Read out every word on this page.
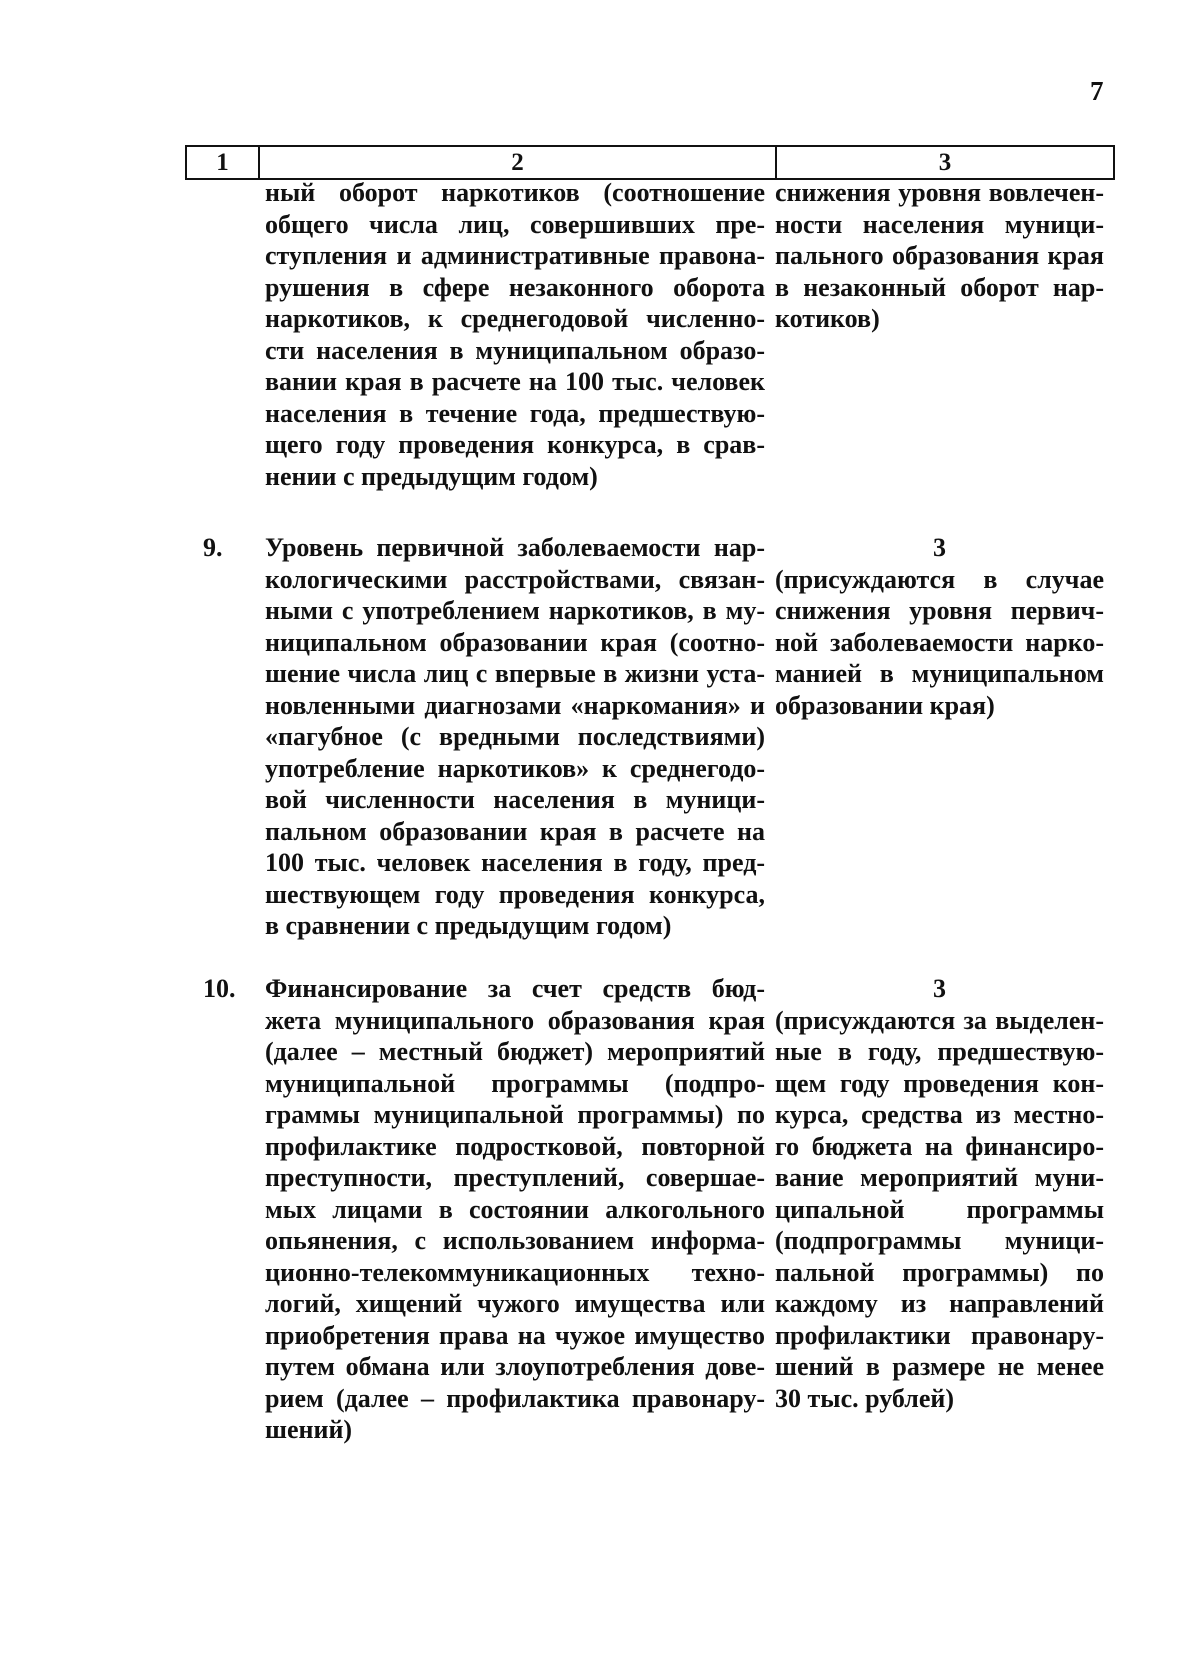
7
1	2	3
ный оборот наркотиков (соотношение
общего числа лиц, совершивших пре-
ступления и административные правона-
рушения в сфере незаконного оборота
наркотиков, к среднегодовой численно-
сти населения в муниципальном образо-
вании края в расчете на 100 тыс. человек
населения в течение года, предшествую-
щего году проведения конкурса, в срав-
нении с предыдущим годом)
снижения уровня вовлечен-
ности населения муници-
пального образования края
в незаконный оборот нар-
котиков)
9. Уровень первичной заболеваемости нар-
кологическими расстройствами, связан-
ными с употреблением наркотиков, в му-
ниципальном образовании края (соотно-
шение числа лиц с впервые в жизни уста-
новленными диагнозами «наркомания» и
«пагубное (с вредными последствиями)
употребление наркотиков» к среднегодо-
вой численности населения в муници-
пальном образовании края в расчете на
100 тыс. человек населения в году, пред-
шествующем году проведения конкурса,
в сравнении с предыдущим годом)
3
(присуждаются в случае
снижения уровня первич-
ной заболеваемости нарко-
манией в муниципальном
образовании края)
10. Финансирование за счет средств бюд-
жета муниципального образования края
(далее – местный бюджет) мероприятий
муниципальной программы (подпро-
граммы муниципальной программы) по
профилактике подростковой, повторной
преступности, преступлений, совершае-
мых лицами в состоянии алкогольного
опьянения, с использованием информа-
ционно-телекоммуникационных техно-
логий, хищений чужого имущества или
приобретения права на чужое имущество
путем обмана или злоупотребления дове-
рием (далее – профилактика правонару-
шений)
3
(присуждаются за выделен-
ные в году, предшествую-
щем году проведения кон-
курса, средства из местно-
го бюджета на финансиро-
вание мероприятий муни-
ципальной программы
(подпрограммы муници-
пальной программы) по
каждому из направлений
профилактики правонару-
шений в размере не менее
30 тыс. рублей)
